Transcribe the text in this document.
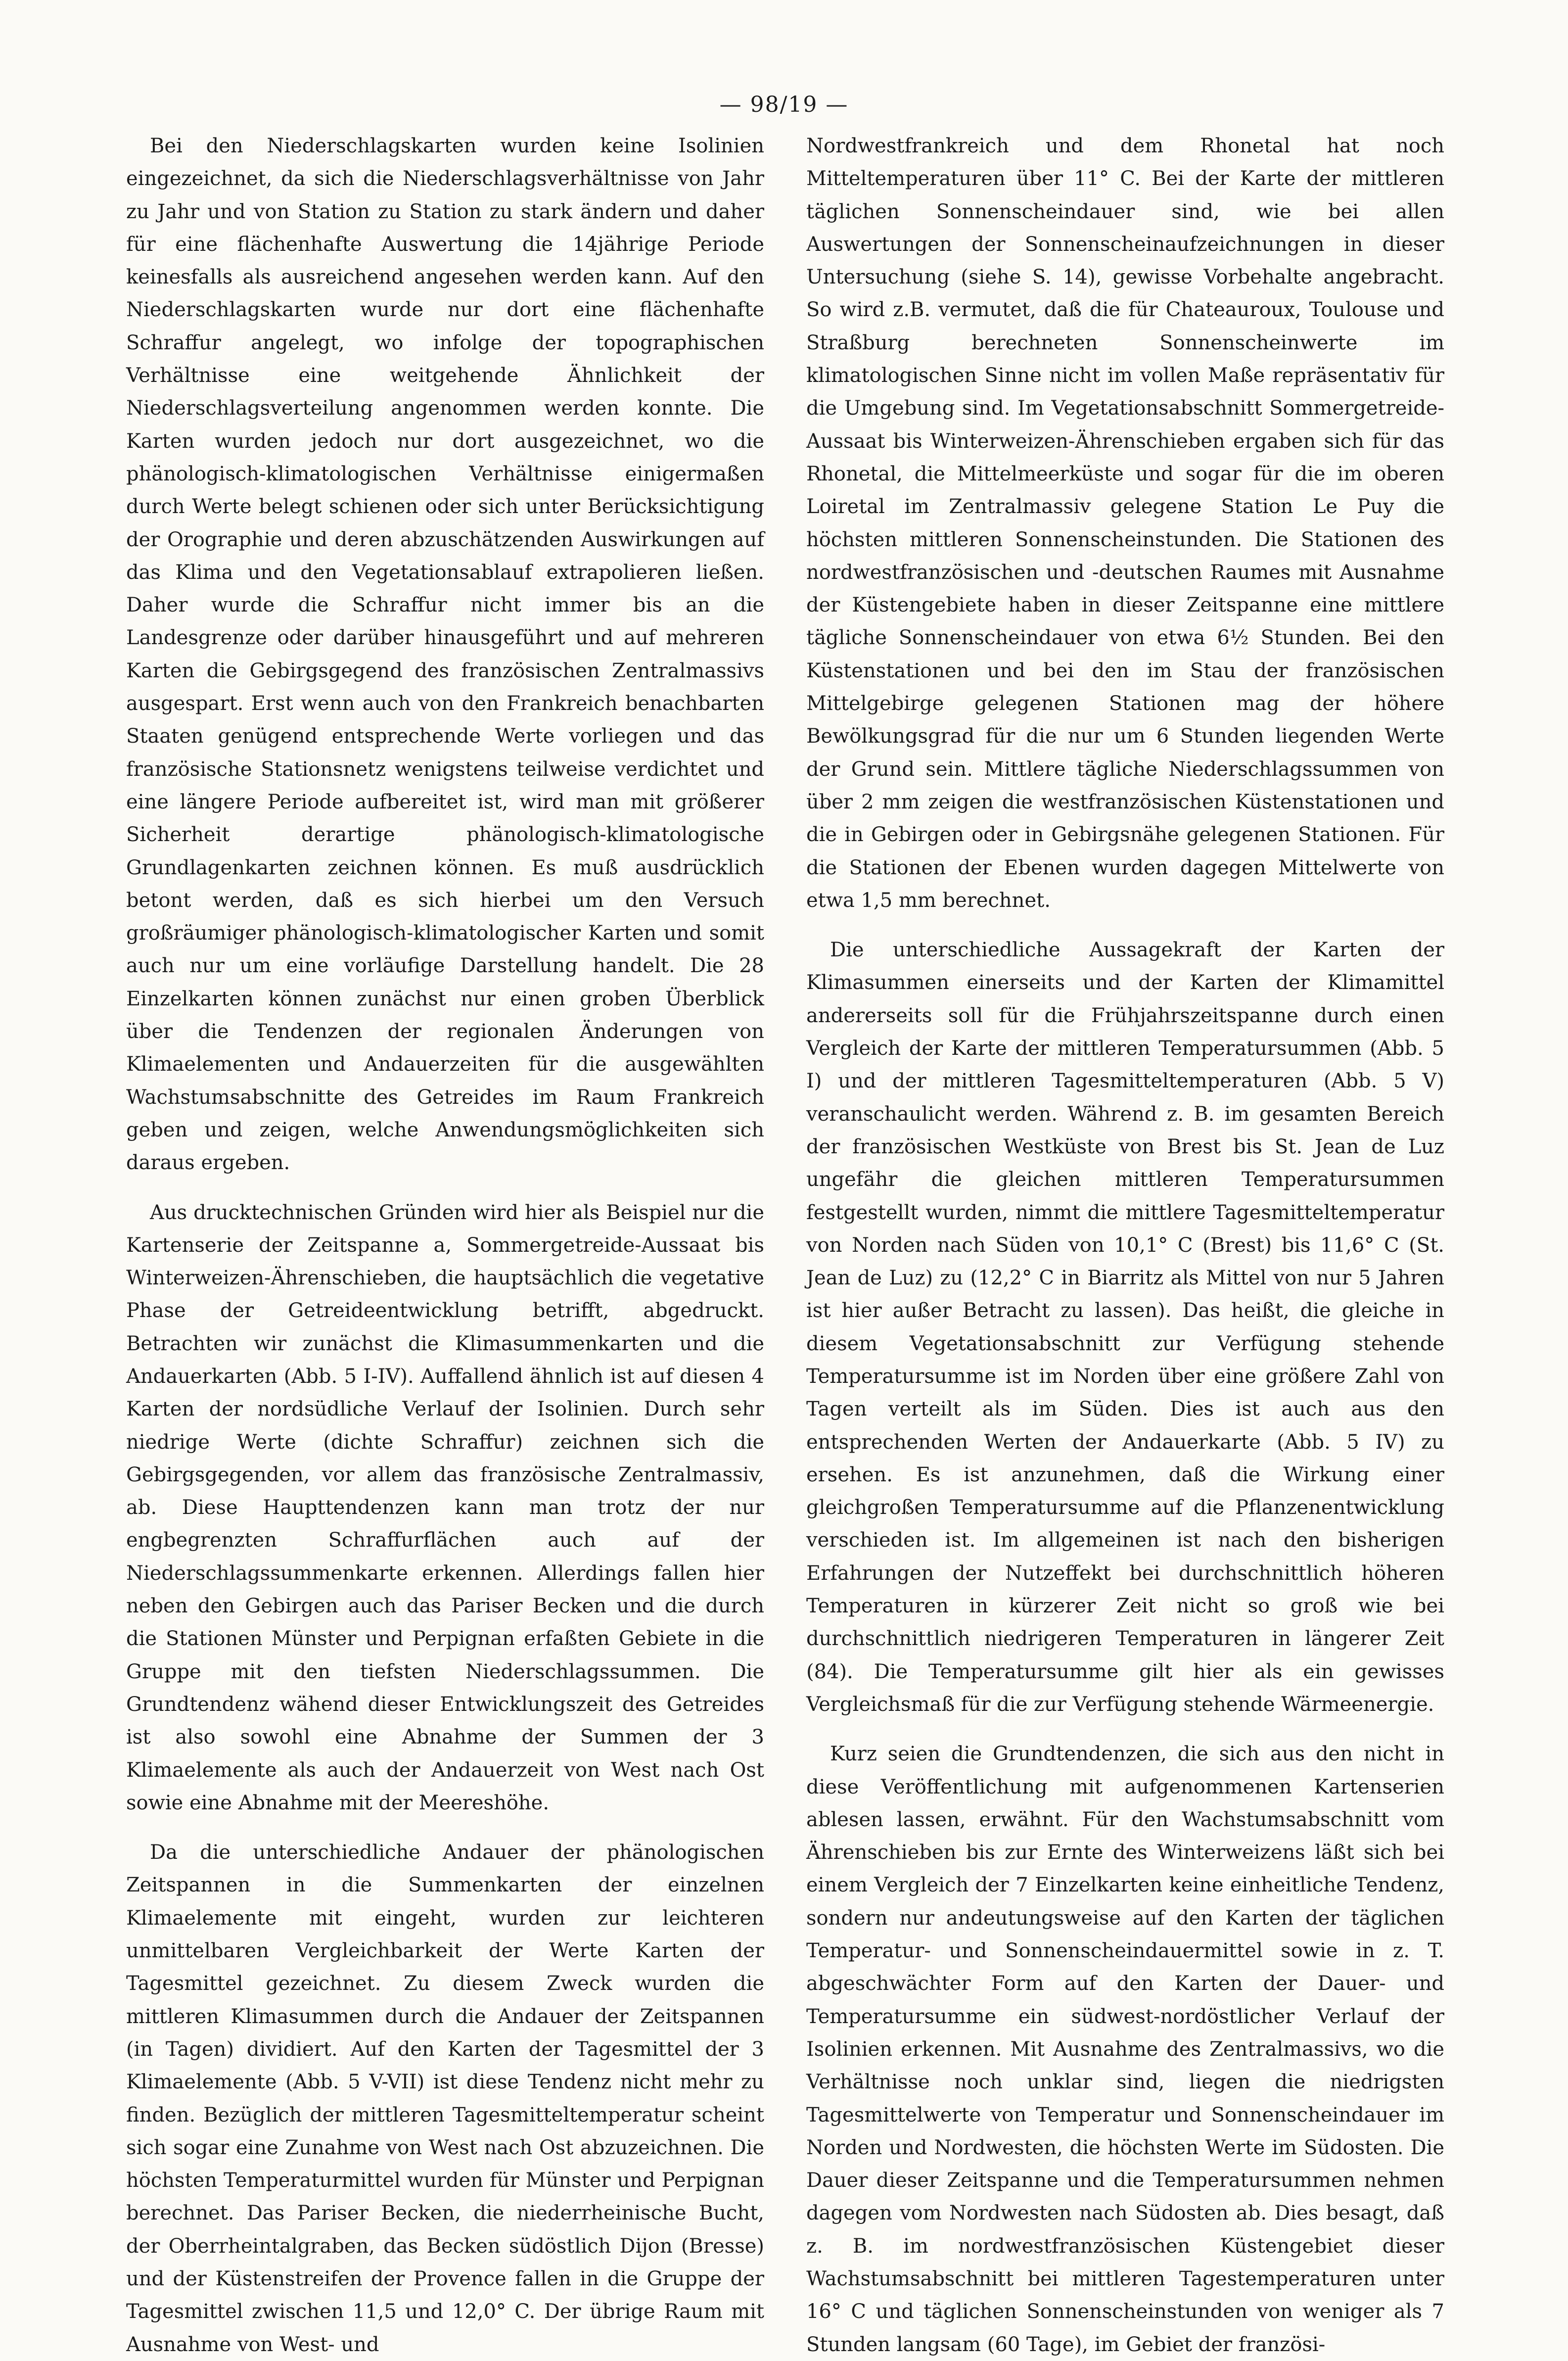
— 98/19 —

Bei den Niederschlagskarten wurden keine Isolinien eingezeichnet, da sich die Niederschlagsverhältnisse von Jahr zu Jahr und von Station zu Station zu stark ändern und daher für eine flächenhafte Auswertung die 14jährige Periode keinesfalls als ausreichend angesehen werden kann. Auf den Niederschlagskarten wurde nur dort eine flächenhafte Schraffur angelegt, wo infolge der topographischen Verhältnisse eine weitgehende Ähnlichkeit der Niederschlagsverteilung angenommen werden konnte. Die Karten wurden jedoch nur dort ausgezeichnet, wo die phänologisch-klimatologischen Verhältnisse einigermaßen durch Werte belegt schienen oder sich unter Berücksichtigung der Orographie und deren abzuschätzenden Auswirkungen auf das Klima und den Vegetationsablauf extrapolieren ließen. Daher wurde die Schraffur nicht immer bis an die Landesgrenze oder darüber hinausgeführt und auf mehreren Karten die Gebirgsgegend des französischen Zentralmassivs ausgespart. Erst wenn auch von den Frankreich benachbarten Staaten genügend entsprechende Werte vorliegen und das französische Stationsnetz wenigstens teilweise verdichtet und eine längere Periode aufbereitet ist, wird man mit größerer Sicherheit derartige phänologisch-klimatologische Grundlagenkarten zeichnen können. Es muß ausdrücklich betont werden, daß es sich hierbei um den Versuch großräumiger phänologisch-klimatologischer Karten und somit auch nur um eine vorläufige Darstellung handelt. Die 28 Einzelkarten können zunächst nur einen groben Überblick über die Tendenzen der regionalen Änderungen von Klimaelementen und Andauerzeiten für die ausgewählten Wachstumsabschnitte des Getreides im Raum Frankreich geben und zeigen, welche Anwendungsmöglichkeiten sich daraus ergeben.

Aus drucktechnischen Gründen wird hier als Beispiel nur die Kartenserie der Zeitspanne a, Sommergetreide-Aussaat bis Winterweizen-Ährenschieben, die hauptsächlich die vegetative Phase der Getreideentwicklung betrifft, abgedruckt. Betrachten wir zunächst die Klimasummenkarten und die Andauerkarten (Abb. 5 I-IV). Auffallend ähnlich ist auf diesen 4 Karten der nordsüdliche Verlauf der Isolinien. Durch sehr niedrige Werte (dichte Schraffur) zeichnen sich die Gebirgsgegenden, vor allem das französische Zentralmassiv, ab. Diese Haupttendenzen kann man trotz der nur engbegrenzten Schraffurflächen auch auf der Niederschlagssummenkarte erkennen. Allerdings fallen hier neben den Gebirgen auch das Pariser Becken und die durch die Stationen Münster und Perpignan erfaßten Gebiete in die Gruppe mit den tiefsten Niederschlagssummen. Die Grundtendenz wähend dieser Entwicklungszeit des Getreides ist also sowohl eine Abnahme der Summen der 3 Klimaelemente als auch der Andauerzeit von West nach Ost sowie eine Abnahme mit der Meereshöhe.

Da die unterschiedliche Andauer der phänologischen Zeitspannen in die Summenkarten der einzelnen Klimaelemente mit eingeht, wurden zur leichteren unmittelbaren Vergleichbarkeit der Werte Karten der Tagesmittel gezeichnet. Zu diesem Zweck wurden die mittleren Klimasummen durch die Andauer der Zeitspannen (in Tagen) dividiert. Auf den Karten der Tagesmittel der 3 Klimaelemente (Abb. 5 V-VII) ist diese Tendenz nicht mehr zu finden. Bezüglich der mittleren Tagesmitteltemperatur scheint sich sogar eine Zunahme von West nach Ost abzuzeichnen. Die höchsten Temperaturmittel wurden für Münster und Perpignan berechnet. Das Pariser Becken, die niederrheinische Bucht, der Oberrheintalgraben, das Becken südöstlich Dijon (Bresse) und der Küstenstreifen der Provence fallen in die Gruppe der Tagesmittel zwischen 11,5 und 12,0° C. Der übrige Raum mit Ausnahme von West- und

Nordwestfrankreich und dem Rhonetal hat noch Mitteltemperaturen über 11° C. Bei der Karte der mittleren täglichen Sonnenscheindauer sind, wie bei allen Auswertungen der Sonnenscheinaufzeichnungen in dieser Untersuchung (siehe S. 14), gewisse Vorbehalte angebracht. So wird z.B. vermutet, daß die für Chateauroux, Toulouse und Straßburg berechneten Sonnenscheinwerte im klimatologischen Sinne nicht im vollen Maße repräsentativ für die Umgebung sind. Im Vegetationsabschnitt Sommergetreide-Aussaat bis Winterweizen-Ährenschieben ergaben sich für das Rhonetal, die Mittelmeerküste und sogar für die im oberen Loiretal im Zentralmassiv gelegene Station Le Puy die höchsten mittleren Sonnenscheinstunden. Die Stationen des nordwestfranzösischen und -deutschen Raumes mit Ausnahme der Küstengebiete haben in dieser Zeitspanne eine mittlere tägliche Sonnenscheindauer von etwa 6½ Stunden. Bei den Küstenstationen und bei den im Stau der französischen Mittelgebirge gelegenen Stationen mag der höhere Bewölkungsgrad für die nur um 6 Stunden liegenden Werte der Grund sein. Mittlere tägliche Niederschlagssummen von über 2 mm zeigen die westfranzösischen Küstenstationen und die in Gebirgen oder in Gebirgsnähe gelegenen Stationen. Für die Stationen der Ebenen wurden dagegen Mittelwerte von etwa 1,5 mm berechnet.

Die unterschiedliche Aussagekraft der Karten der Klimasummen einerseits und der Karten der Klimamittel andererseits soll für die Frühjahrszeitspanne durch einen Vergleich der Karte der mittleren Temperatursummen (Abb. 5 I) und der mittleren Tagesmitteltemperaturen (Abb. 5 V) veranschaulicht werden. Während z. B. im gesamten Bereich der französischen Westküste von Brest bis St. Jean de Luz ungefähr die gleichen mittleren Temperatursummen festgestellt wurden, nimmt die mittlere Tagesmitteltemperatur von Norden nach Süden von 10,1° C (Brest) bis 11,6° C (St. Jean de Luz) zu (12,2° C in Biarritz als Mittel von nur 5 Jahren ist hier außer Betracht zu lassen). Das heißt, die gleiche in diesem Vegetationsabschnitt zur Verfügung stehende Temperatursumme ist im Norden über eine größere Zahl von Tagen verteilt als im Süden. Dies ist auch aus den entsprechenden Werten der Andauerkarte (Abb. 5 IV) zu ersehen. Es ist anzunehmen, daß die Wirkung einer gleichgroßen Temperatursumme auf die Pflanzenentwicklung verschieden ist. Im allgemeinen ist nach den bisherigen Erfahrungen der Nutzeffekt bei durchschnittlich höheren Temperaturen in kürzerer Zeit nicht so groß wie bei durchschnittlich niedrigeren Temperaturen in längerer Zeit (84). Die Temperatursumme gilt hier als ein gewisses Vergleichsmaß für die zur Verfügung stehende Wärmeenergie.

Kurz seien die Grundtendenzen, die sich aus den nicht in diese Veröffentlichung mit aufgenommenen Kartenserien ablesen lassen, erwähnt. Für den Wachstumsabschnitt vom Ährenschieben bis zur Ernte des Winterweizens läßt sich bei einem Vergleich der 7 Einzelkarten keine einheitliche Tendenz, sondern nur andeutungsweise auf den Karten der täglichen Temperatur- und Sonnenscheindauermittel sowie in z. T. abgeschwächter Form auf den Karten der Dauer- und Temperatursumme ein südwest-nordöstlicher Verlauf der Isolinien erkennen. Mit Ausnahme des Zentralmassivs, wo die Verhältnisse noch unklar sind, liegen die niedrigsten Tagesmittelwerte von Temperatur und Sonnenscheindauer im Norden und Nordwesten, die höchsten Werte im Südosten. Die Dauer dieser Zeitspanne und die Temperatursummen nehmen dagegen vom Nordwesten nach Südosten ab. Dies besagt, daß z. B. im nordwestfranzösischen Küstengebiet dieser Wachstumsabschnitt bei mittleren Tagestemperaturen unter 16° C und täglichen Sonnenscheinstunden von weniger als 7 Stunden langsam (60 Tage), im Gebiet der französi-
